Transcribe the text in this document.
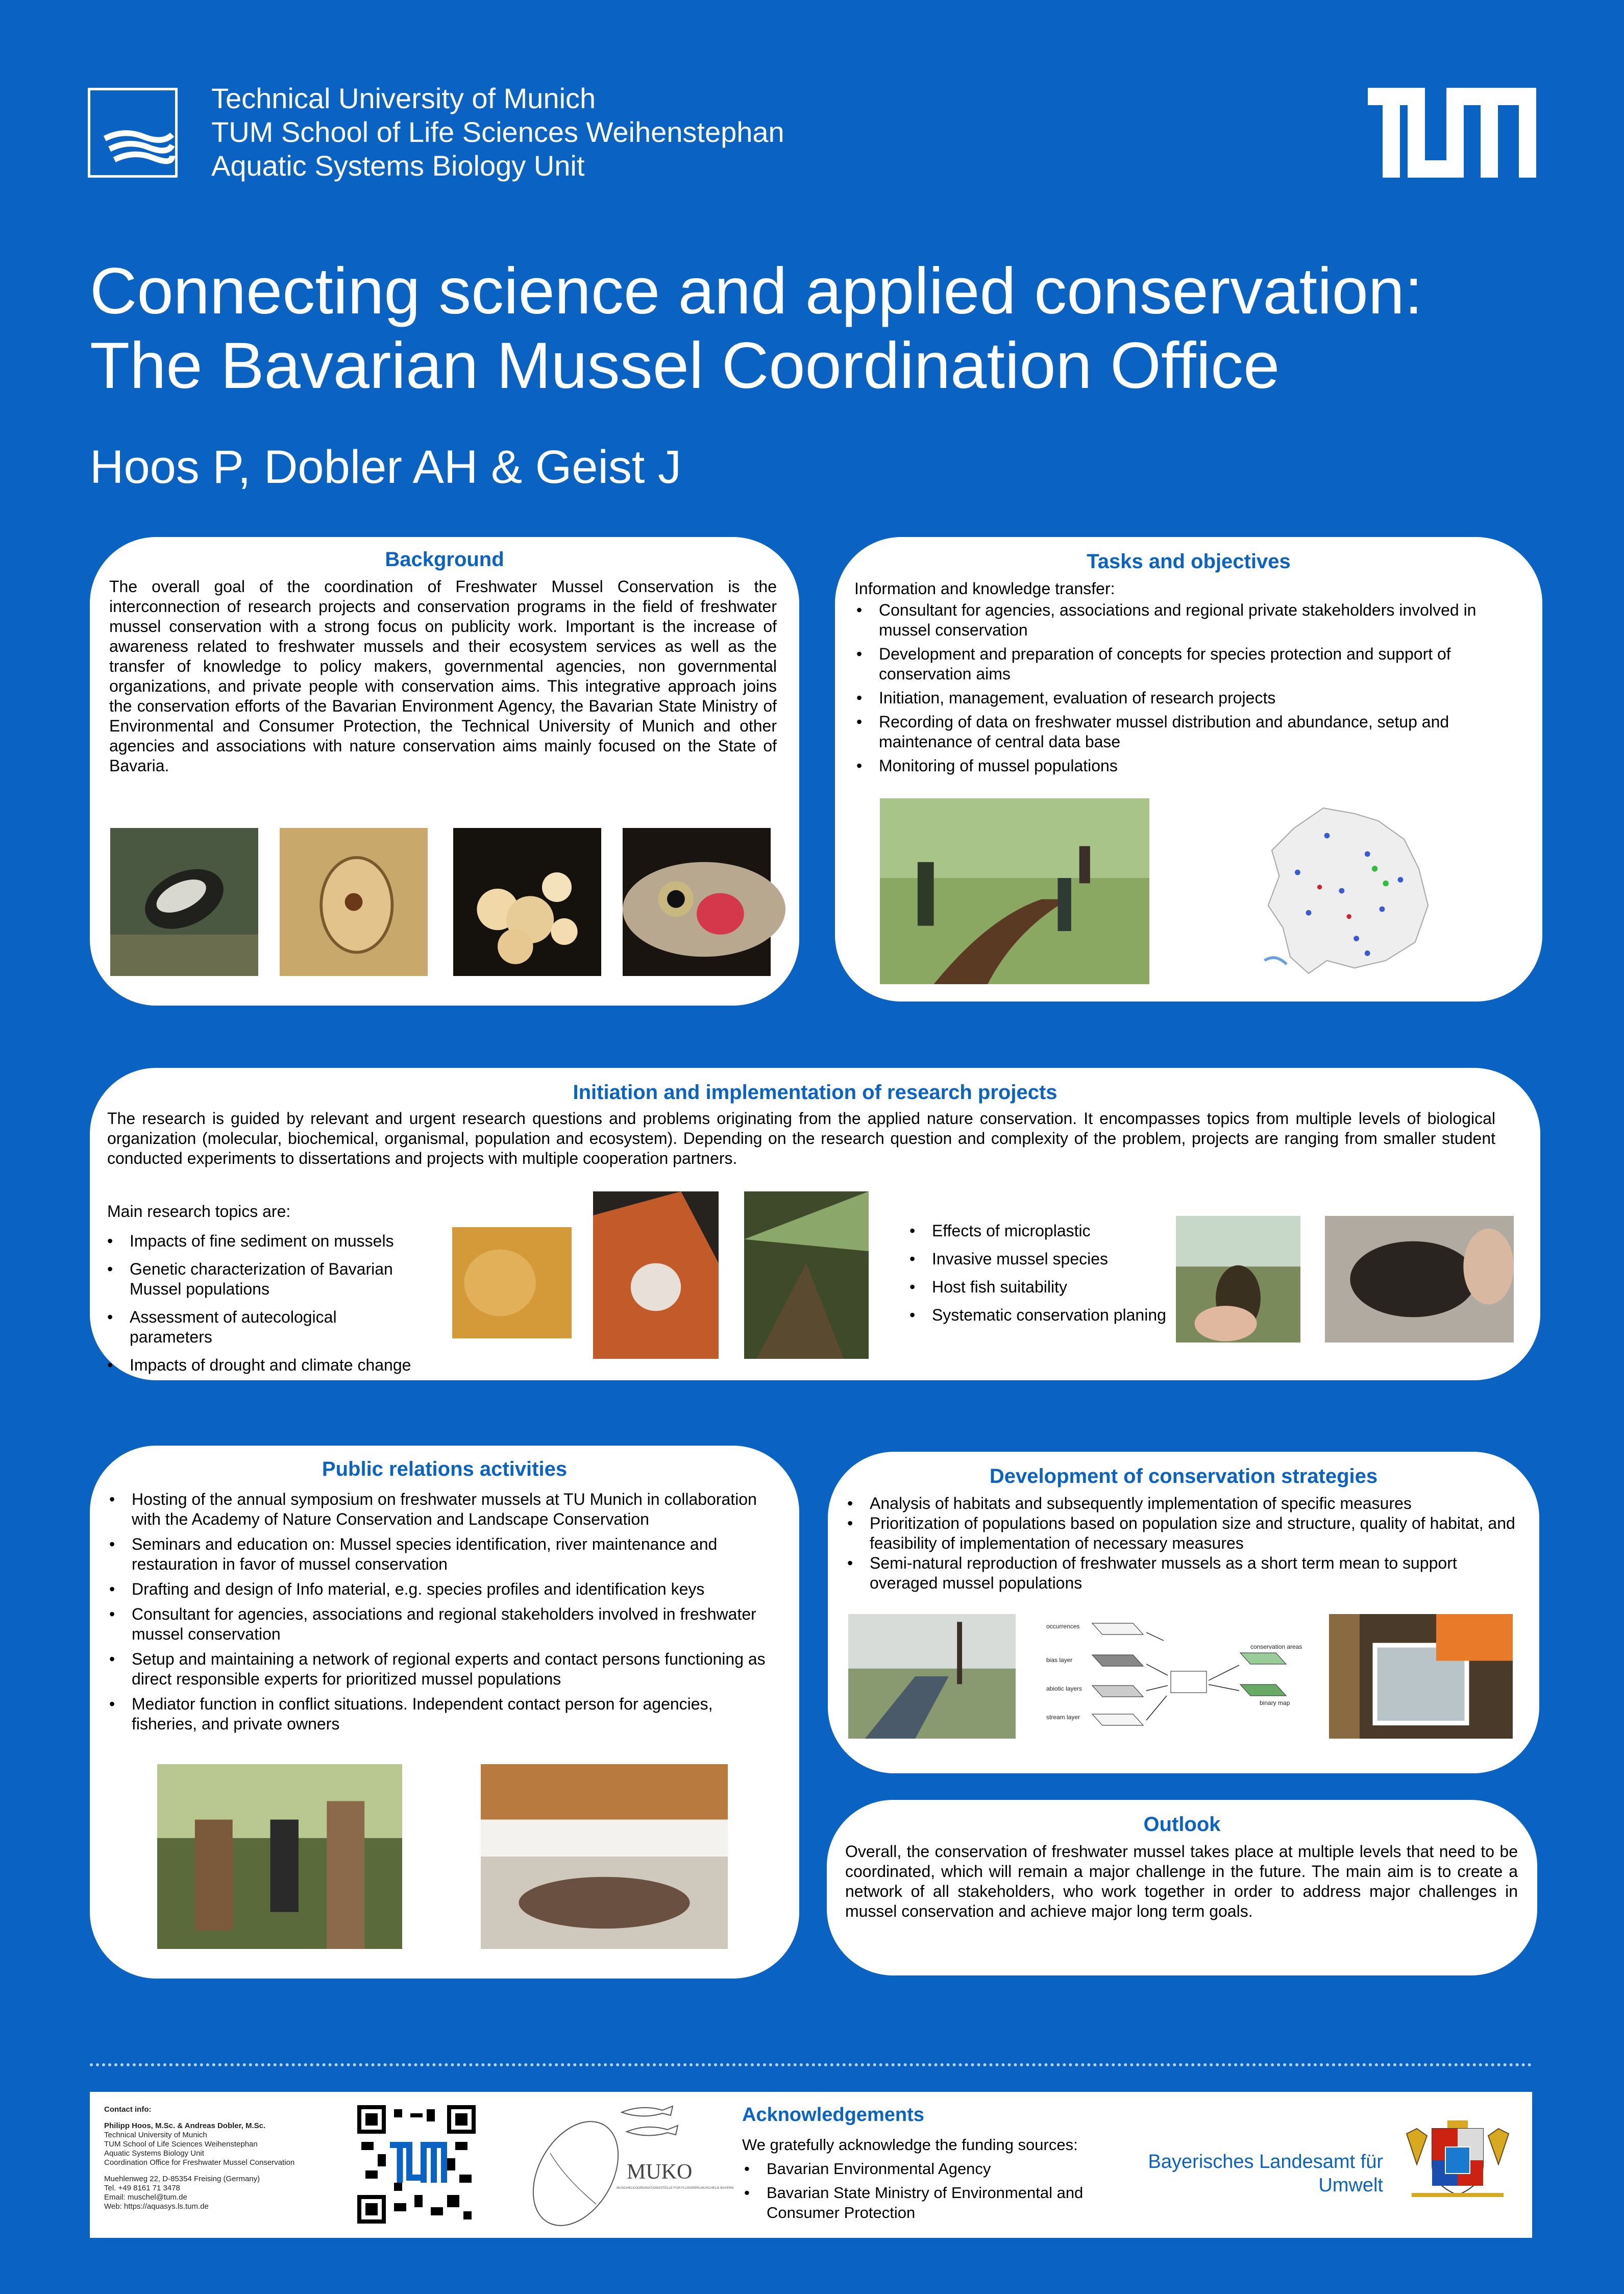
Technical University of Munich
TUM School of Life Sciences Weihenstephan
Aquatic Systems Biology Unit
Connecting science and applied conservation:
The Bavarian Mussel Coordination Office
Hoos P, Dobler AH & Geist J
Background

The overall goal of the coordination of Freshwater Mussel Conservation is the interconnection of research projects and conservation programs in the field of freshwater mussel conservation with a strong focus on publicity work. Important is the increase of awareness related to freshwater mussels and their ecosystem services as well as the transfer of knowledge to policy makers, governmental agencies, non governmental organizations, and private people with conservation aims. This integrative approach joins the conservation efforts of the Bavarian Environment Agency, the Bavarian State Ministry of Environmental and Consumer Protection, the Technical University of Munich and other agencies and associations with nature conservation aims mainly focused on the State of Bavaria.

Tasks and objectives
Information and knowledge transfer:
• Consultant for agencies, associations and regional private stakeholders involved in mussel conservation
• Development and preparation of concepts for species protection and support of conservation aims
• Initiation, management, evaluation of research projects
• Recording of data on freshwater mussel distribution and abundance, setup and maintenance of central data base
• Monitoring of mussel populations
Initiation and implementation of research projects

The research is guided by relevant and urgent research questions and problems originating from the applied nature conservation. It encompasses topics from multiple levels of biological organization (molecular, biochemical, organismal, population and ecosystem). Depending on the research question and complexity of the problem, projects are ranging from smaller student conducted experiments to dissertations and projects with multiple cooperation partners.

Main research topics are:
• Impacts of fine sediment on mussels
• Genetic characterization of Bavarian Mussel populations
• Assessment of autecological parameters
• Impacts of drought and climate change
• Effects of microplastic
• Invasive mussel species
• Host fish suitability
• Systematic conservation planing
Public relations activities
• Hosting of the annual symposium on freshwater mussels at TU Munich in collaboration with the Academy of Nature Conservation and Landscape Conservation
• Seminars and education on: Mussel species identification, river maintenance and restauration in favor of mussel conservation
• Drafting and design of Info material, e.g. species profiles and identification keys
• Consultant for agencies, associations and regional stakeholders involved in freshwater mussel conservation
• Setup and maintaining a network of regional experts and contact persons functioning as direct responsible experts for prioritized mussel populations
• Mediator function in conflict situations. Independent contact person for agencies, fisheries, and private owners
Development of conservation strategies
• Analysis of habitats and subsequently implementation of specific measures
• Prioritization of populations based on population size and structure, quality of habitat, and feasibility of implementation of necessary measures
• Semi-natural reproduction of freshwater mussels as a short term mean to support overaged mussel populations
occurrences
bias layer
abiotic layers
stream layer
conservation areas
binary map
Outlook

Overall, the conservation of freshwater mussel takes place at multiple levels that need to be coordinated, which will remain a major challenge in the future. The main aim is to create a network of all stakeholders, who work together in order to address major challenges in mussel conservation and achieve major long term goals.

Contact info:
Philipp Hoos, M.Sc. & Andreas Dobler, M.Sc.
Technical University of Munich
TUM School of Life Sciences Weihenstephan
Aquatic Systems Biology Unit
Coordination Office for Freshwater Mussel Conservation
Muehlenweg 22, D-85354 Freising (Germany)
Tel. +49 8161 71 3478
Email: muschel@tum.de
Web: https://aquasys.ls.tum.de
MUKO
MUSCHELKOORDINATIONSSTELLE FÜR FLUSSPERLMUSCHELN BAYERN
Acknowledgements
We gratefully acknowledge the funding sources:
• Bavarian Environmental Agency
• Bavarian State Ministry of Environmental and Consumer Protection
Bayerisches Landesamt für Umwelt
